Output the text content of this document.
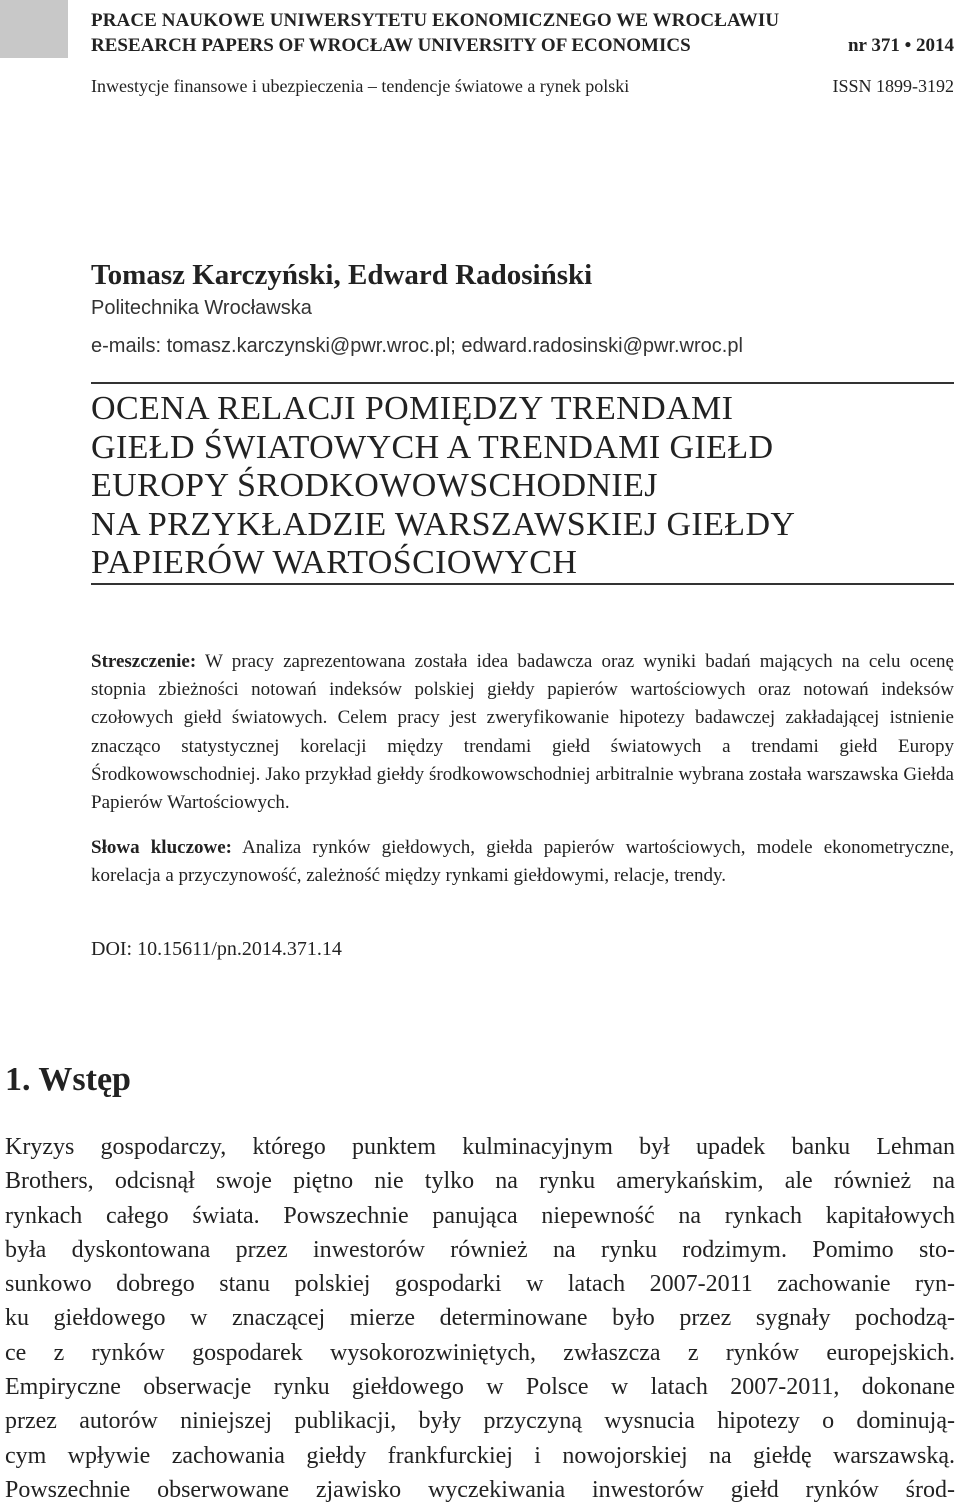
PRACE NAUKOWE UNIWERSYTETU EKONOMICZNEGO WE WROCŁAWIU
RESEARCH PAPERS OF WROCŁAW UNIVERSITY OF ECONOMICS	nr 371 • 2014
Inwestycje finansowe i ubezpieczenia – tendencje światowe a rynek polski	ISSN 1899-3192
Tomasz Karczyński, Edward Radosiński
Politechnika Wrocławska
e-mails: tomasz.karczynski@pwr.wroc.pl; edward.radosinski@pwr.wroc.pl
OCENA RELACJI POMIĘDZY TRENDAMI
GIEŁD ŚWIATOWYCH A TRENDAMI GIEŁD
EUROPY ŚRODKOWOWSCHODNIEJ
NA PRZYKŁADZIE WARSZAWSKIEJ GIEŁDY
PAPIERÓW WARTOŚCIOWYCH
Streszczenie: W pracy zaprezentowana została idea badawcza oraz wyniki badań mających na celu ocenę stopnia zbieżności notowań indeksów polskiej giełdy papierów wartościowych oraz notowań indeksów czołowych giełd światowych. Celem pracy jest zweryfikowanie hipotezy badawczej zakładającej istnienie znacząco statystycznej korelacji między trendami giełd światowych a trendami giełd Europy Środkowowschodniej. Jako przykład giełdy środkowowschodniej arbitralnie wybrana została warszawska Giełda Papierów Wartościowych.
Słowa kluczowe: Analiza rynków giełdowych, giełda papierów wartościowych, modele ekonometryczne, korelacja a przyczynowość, zależność między rynkami giełdowymi, relacje, trendy.
DOI: 10.15611/pn.2014.371.14
1. Wstęp
Kryzys gospodarczy, którego punktem kulminacyjnym był upadek banku Lehman
Brothers, odcisnął swoje piętno nie tylko na rynku amerykańskim, ale również na
rynkach całego świata. Powszechnie panująca niepewność na rynkach kapitałowych
była dyskontowana przez inwestorów również na rynku rodzimym. Pomimo sto-
sunkowo dobrego stanu polskiej gospodarki w latach 2007-2011 zachowanie ryn-
ku giełdowego w znaczącej mierze determinowane było przez sygnały pochodzą-
ce z rynków gospodarek wysokorozwiniętych, zwłaszcza z rynków europejskich.
Empiryczne obserwacje rynku giełdowego w Polsce w latach 2007-2011, dokonane
przez autorów niniejszej publikacji, były przyczyną wysnucia hipotezy o dominują-
cym wpływie zachowania giełdy frankfurckiej i nowojorskiej na giełdę warszawską.
Powszechnie obserwowane zjawisko wyczekiwania inwestorów giełd rynków środ-
